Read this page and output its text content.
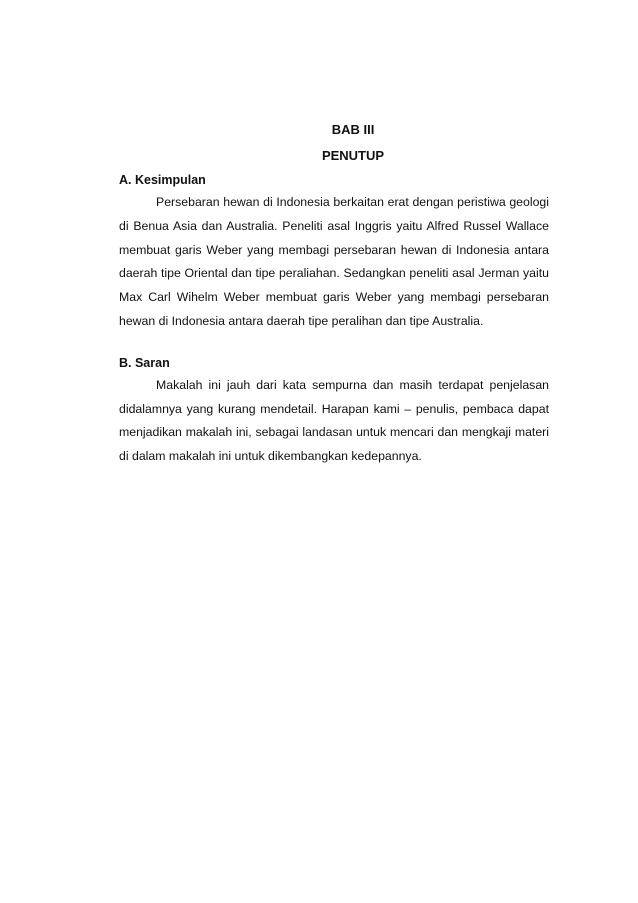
BAB III
PENUTUP

A. Kesimpulan

Persebaran hewan di Indonesia berkaitan erat dengan peristiwa geologi di Benua Asia dan Australia. Peneliti asal Inggris yaitu Alfred Russel Wallace membuat garis Weber yang membagi persebaran hewan di Indonesia antara daerah tipe Oriental dan tipe peraliahan. Sedangkan peneliti asal Jerman yaitu Max Carl Wihelm Weber membuat garis Weber yang membagi persebaran hewan di Indonesia antara daerah tipe peralihan dan tipe Australia.

B. Saran

Makalah ini jauh dari kata sempurna dan masih terdapat penjelasan didalamnya yang kurang mendetail. Harapan kami – penulis, pembaca dapat menjadikan makalah ini, sebagai landasan untuk mencari dan mengkaji materi di dalam makalah ini untuk dikembangkan kedepannya.
